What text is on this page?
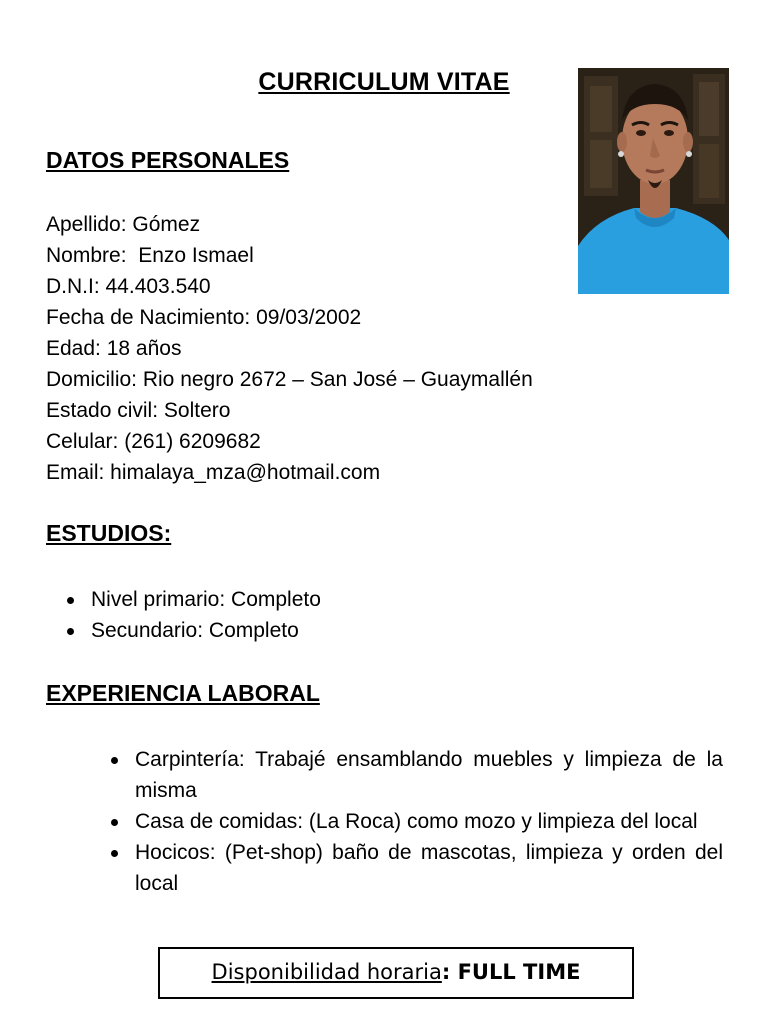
CURRICULUM VITAE
DATOS PERSONALES
Apellido: Gómez
Nombre:  Enzo Ismael
D.N.I: 44.403.540
Fecha de Nacimiento: 09/03/2002
Edad: 18 años
Domicilio: Rio negro 2672 – San José – Guaymallén
Estado civil: Soltero
Celular: (261) 6209682
Email: himalaya_mza@hotmail.com
ESTUDIOS:
Nivel primario: Completo
Secundario: Completo
EXPERIENCIA LABORAL
Carpintería: Trabajé ensamblando muebles y limpieza de la misma
Casa de comidas: (La Roca) como mozo y limpieza del local
Hocicos: (Pet-shop) baño de mascotas, limpieza y orden del local
Disponibilidad horaria: FULL TIME
